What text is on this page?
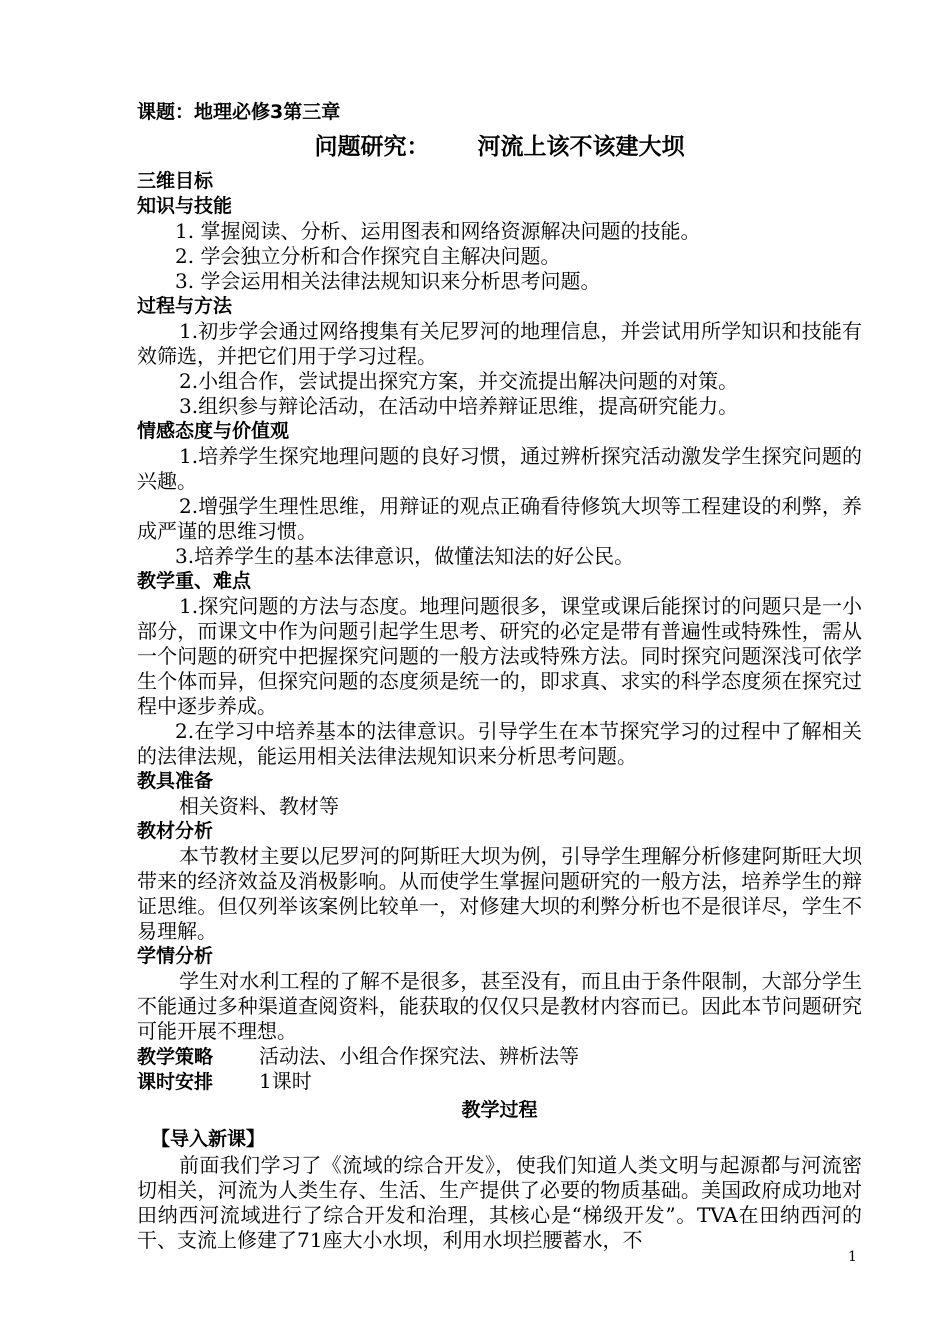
课题：地理必修3第三章
问题研究：      河流上该不该建大坝
三维目标
知识与技能
1. 掌握阅读、分析、运用图表和网络资源解决问题的技能。
2. 学会独立分析和合作探究自主解决问题。
3. 学会运用相关法律法规知识来分析思考问题。
过程与方法
1.初步学会通过网络搜集有关尼罗河的地理信息，并尝试用所学知识和技能有效筛选，并把它们用于学习过程。
2.小组合作，尝试提出探究方案，并交流提出解决问题的对策。
3.组织参与辩论活动，在活动中培养辩证思维，提高研究能力。
情感态度与价值观
1.培养学生探究地理问题的良好习惯，通过辨析探究活动激发学生探究问题的兴趣。
2.增强学生理性思维，用辩证的观点正确看待修筑大坝等工程建设的利弊，养成严谨的思维习惯。
3.培养学生的基本法律意识，做懂法知法的好公民。
教学重、难点
1.探究问题的方法与态度。地理问题很多，课堂或课后能探讨的问题只是一小部分，而课文中作为问题引起学生思考、研究的必定是带有普遍性或特殊性，需从一个问题的研究中把握探究问题的一般方法或特殊方法。同时探究问题深浅可依学生个体而异，但探究问题的态度须是统一的，即求真、求实的科学态度须在探究过程中逐步养成。
2.在学习中培养基本的法律意识。引导学生在本节探究学习的过程中了解相关的法律法规，能运用相关法律法规知识来分析思考问题。
教具准备
相关资料、教材等
教材分析
本节教材主要以尼罗河的阿斯旺大坝为例，引导学生理解分析修建阿斯旺大坝带来的经济效益及消极影响。从而使学生掌握问题研究的一般方法，培养学生的辩证思维。但仅列举该案例比较单一，对修建大坝的利弊分析也不是很详尽，学生不易理解。
学情分析
学生对水利工程的了解不是很多，甚至没有，而且由于条件限制，大部分学生不能通过多种渠道查阅资料，能获取的仅仅只是教材内容而已。因此本节问题研究可能开展不理想。
教学策略 活动法、小组合作探究法、辨析法等
课时安排 1课时
教学过程
【导入新课】
前面我们学习了《流域的综合开发》，使我们知道人类文明与起源都与河流密切相关，河流为人类生存、生活、生产提供了必要的物质基础。美国政府成功地对田纳西河流域进行了综合开发和治理，其核心是“梯级开发”。TVA在田纳西河的干、支流上修建了71座大小水坝，利用水坝拦腰蓄水，不
1
